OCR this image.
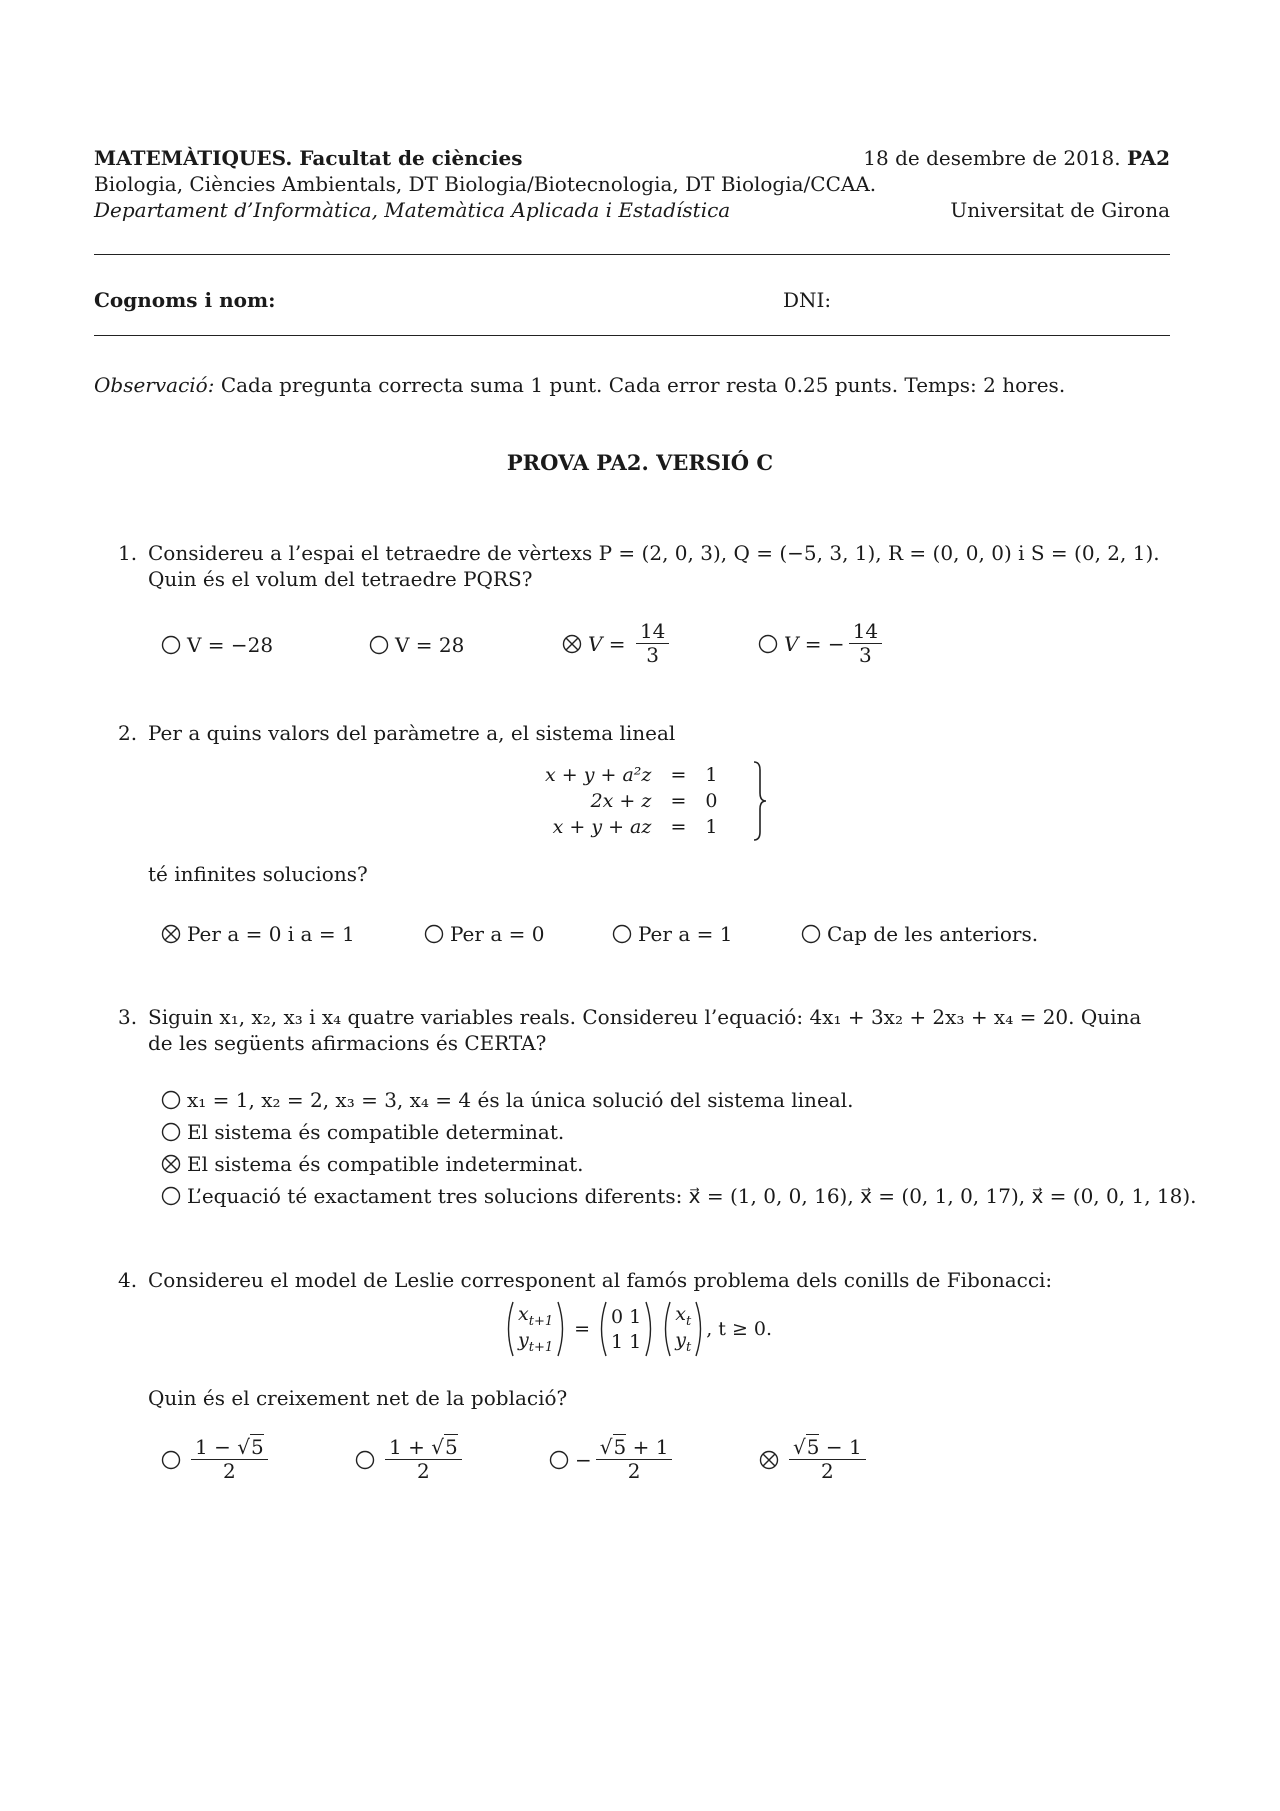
MATEMÀTIQUES. Facultat de ciències	18 de desembre de 2018. PA2
Biologia, Ciències Ambientals, DT Biologia/Biotecnologia, DT Biologia/CCAA.
Departament d’Informàtica, Matemàtica Aplicada i Estadística	Universitat de Girona
Cognoms i nom:	DNI:
Observació: Cada pregunta correcta suma 1 punt. Cada error resta 0.25 punts. Temps: 2 hores.
PROVA PA2. VERSIÓ C
1. Considereu a l’espai el tetraedre de vèrtexs P = (2, 0, 3), Q = (−5, 3, 1), R = (0, 0, 0) i S = (0, 2, 1). Quin és el volum del tetraedre PQRS?
V = −28	V = 28	$V = \frac{14}{3}$	V = − $\frac{14}{3}$
2. Per a quins valors del paràmetre a, el sistema lineal
x + y + a²z	=	1
2x + z	=	0
x + y + az	=	1
té infinites solucions?
Per a = 0 i a = 1	Per a = 0	Per a = 1	Cap de les anteriors.
3. Siguin x₁, x₂, x₃ i x₄ quatre variables reals. Considereu l’equació: 4x₁ + 3x₂ + 2x₃ + x₄ = 20. Quina de les següents afirmacions és CERTA?
x₁ = 1, x₂ = 2, x₃ = 3, x₄ = 4 és la única solució del sistema lineal.
El sistema és compatible determinat.
El sistema és compatible indeterminat.
L’equació té exactament tres solucions diferents: x⃗ = (1, 0, 0, 16), x⃗ = (0, 1, 0, 17), x⃗ = (0, 0, 1, 18).
4. Considereu el model de Leslie corresponent al famós problema dels conills de Fibonacci:
$x_{t+1}$
$y_{t+1}$
=
0	1
1	1
$x_t$
$y_t$
, t ≥ 0.
Quin és el creixement net de la població?
$\frac{1 - √5}{2}$	$\frac{1 + √5}{2}$	− $\frac{√5 + 1}{2}$	$\frac{√5 - 1}{2}$
